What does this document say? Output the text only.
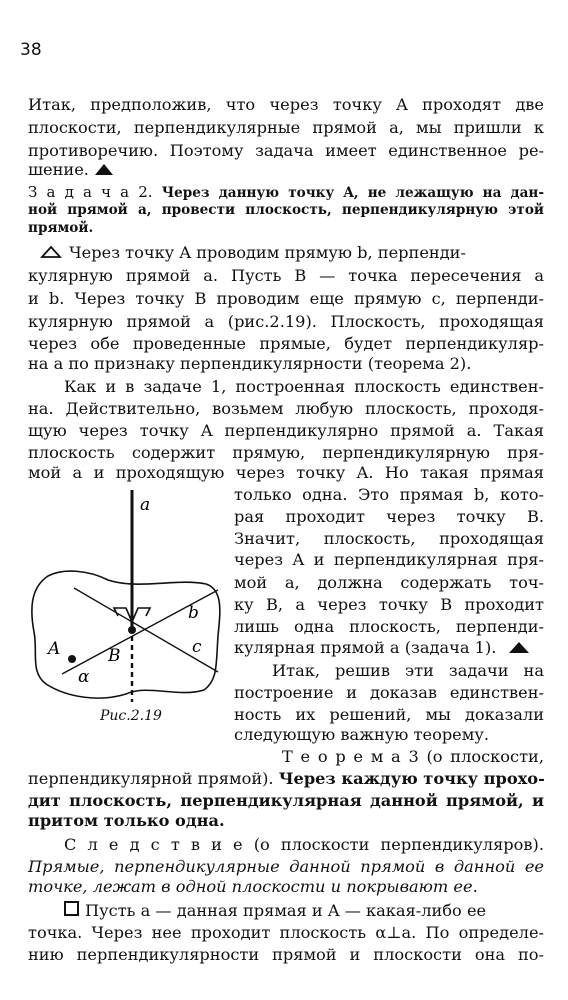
38
Итак, предположив, что через точку A проходят две
плоскости, перпендикулярные прямой a, мы пришли к
противоречию. Поэтому задача имеет единственное ре-
шение.
З а д а ч а 2. Через данную точку A, не лежащую на дан-
ной прямой a, провести плоскость, перпендикулярную этой
прямой.
Через точку A проводим прямую b, перпенди-
кулярную прямой a. Пусть B — точка пересечения a
и b. Через точку B проводим еще прямую c, перпенди-
кулярную прямой a (рис.2.19). Плоскость, проходящая
через обе проведенные прямые, будет перпендикуляр-
на a по признаку перпендикулярности (теорема 2).
Как и в задаче 1, построенная плоскость единствен-
на. Действительно, возьмем любую плоскость, проходя-
щую через точку A перпендикулярно прямой a. Такая
плоскость содержит прямую, перпендикулярную пря-
мой a и проходящую через точку A. Но такая прямая
только одна. Это прямая b, кото-
рая проходит через точку B.
Значит, плоскость, проходящая
через A и перпендикулярная пря-
мой a, должна содержать точ-
ку B, а через точку B проходит
лишь одна плоскость, перпенди-
кулярная прямой a (задача 1).
Итак, решив эти задачи на
построение и доказав единствен-
ность их решений, мы доказали
следующую важную теорему.
a
A	B
b
c
α
Рис.2.19
Т е о р е м а 3 (о плоскости,
перпендикулярной прямой). Через каждую точку прохо-
дит плоскость, перпендикулярная данной прямой, и
притом только одна.
С л е д с т в и е (о плоскости перпендикуляров).
Прямые, перпендикулярные данной прямой в данной ее
точке, лежат в одной плоскости и покрывают ее.
Пусть a — данная прямая и A — какая-либо ее
точка. Через нее проходит плоскость α⊥a. По определе-
нию перпендикулярности прямой и плоскости она по-
